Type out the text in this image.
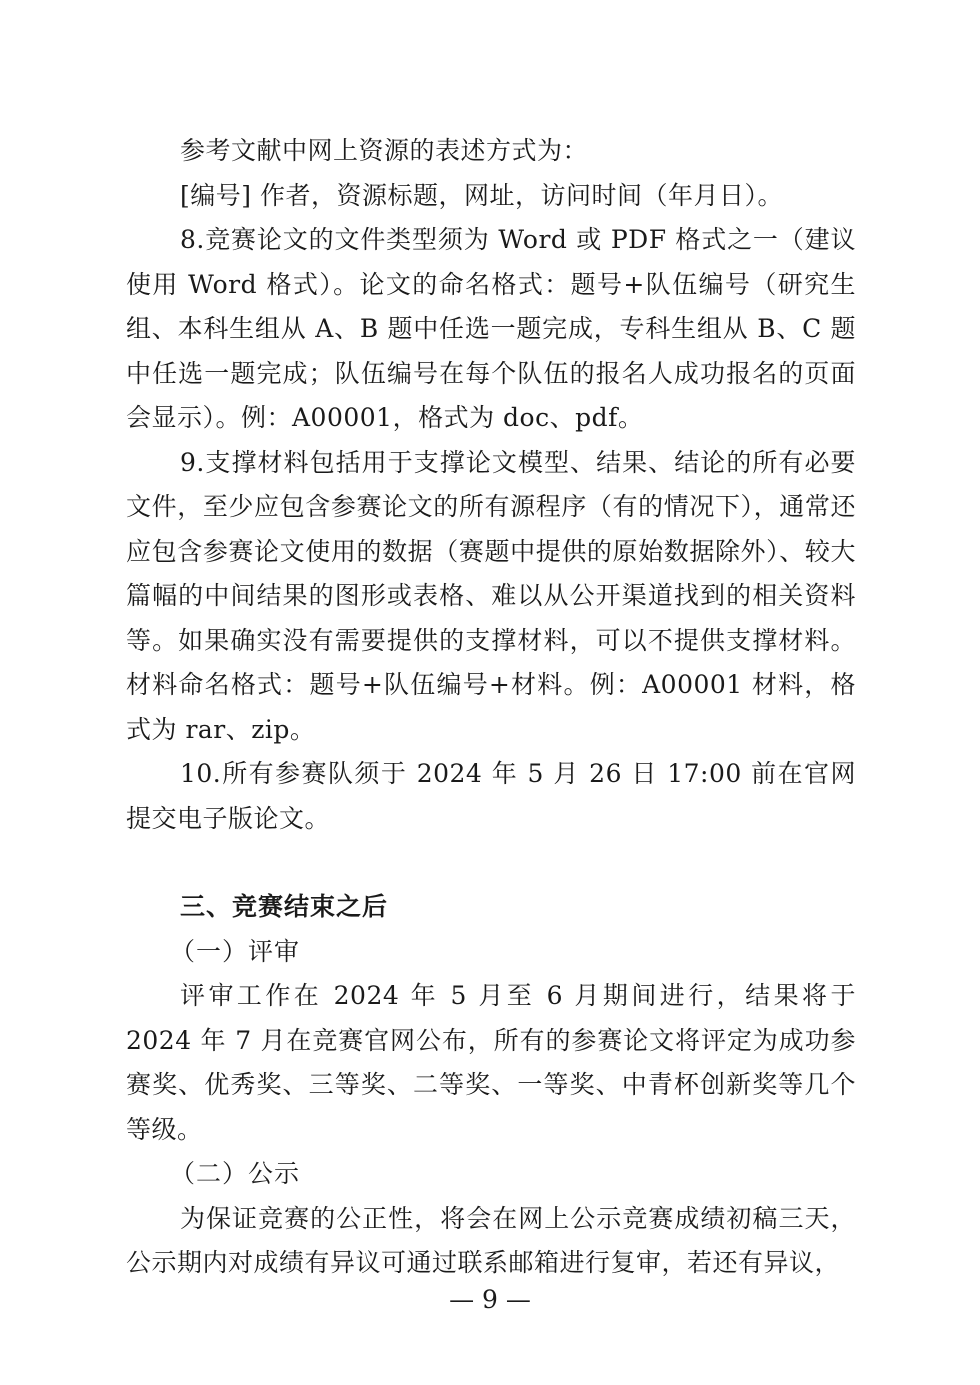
参考文献中网上资源的表述方式为：

[编号] 作者，资源标题，网址，访问时间（年月日）。

8.竞赛论文的文件类型须为 Word 或 PDF 格式之一（建议使用 Word 格式）。论文的命名格式：题号+队伍编号（研究生组、本科生组从 A、B 题中任选一题完成，专科生组从 B、C 题中任选一题完成；队伍编号在每个队伍的报名人成功报名的页面会显示）。例：A00001，格式为 doc、pdf。

9.支撑材料包括用于支撑论文模型、结果、结论的所有必要文件，至少应包含参赛论文的所有源程序（有的情况下），通常还应包含参赛论文使用的数据（赛题中提供的原始数据除外）、较大篇幅的中间结果的图形或表格、难以从公开渠道找到的相关资料等。如果确实没有需要提供的支撑材料，可以不提供支撑材料。材料命名格式：题号+队伍编号+材料。例：A00001 材料，格式为 rar、zip。

10.所有参赛队须于 2024 年 5 月 26 日 17:00 前在官网提交电子版论文。

三、竞赛结束之后

（一）评审

评审工作在 2024 年 5 月至 6 月期间进行，结果将于 2024 年 7 月在竞赛官网公布，所有的参赛论文将评定为成功参赛奖、优秀奖、三等奖、二等奖、一等奖、中青杯创新奖等几个等级。

（二）公示

为保证竞赛的公正性，将会在网上公示竞赛成绩初稿三天，公示期内对成绩有异议可通过联系邮箱进行复审，若还有异议，

— 9 —
